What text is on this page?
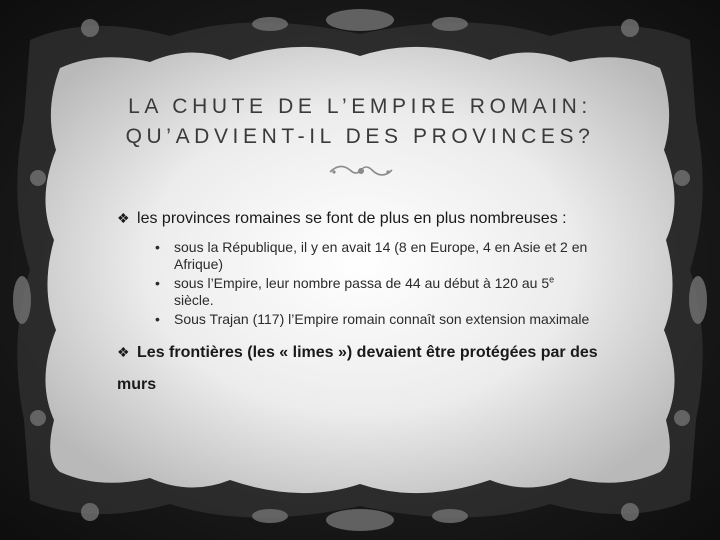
LA CHUTE DE L’EMPIRE ROMAIN:
QU’ADVIENT-IL DES PROVINCES?

❖ les provinces romaines se font de plus en plus nombreuses :

• sous la République, il y en avait 14 (8 en Europe, 4 en Asie et 2 en Afrique)
• sous l’Empire, leur nombre passa de 44 au début à 120 au 5e siècle.
• Sous Trajan (117) l’Empire romain connaît son extension maximale

❖ Les frontières (les « limes ») devaient être protégées par des murs
